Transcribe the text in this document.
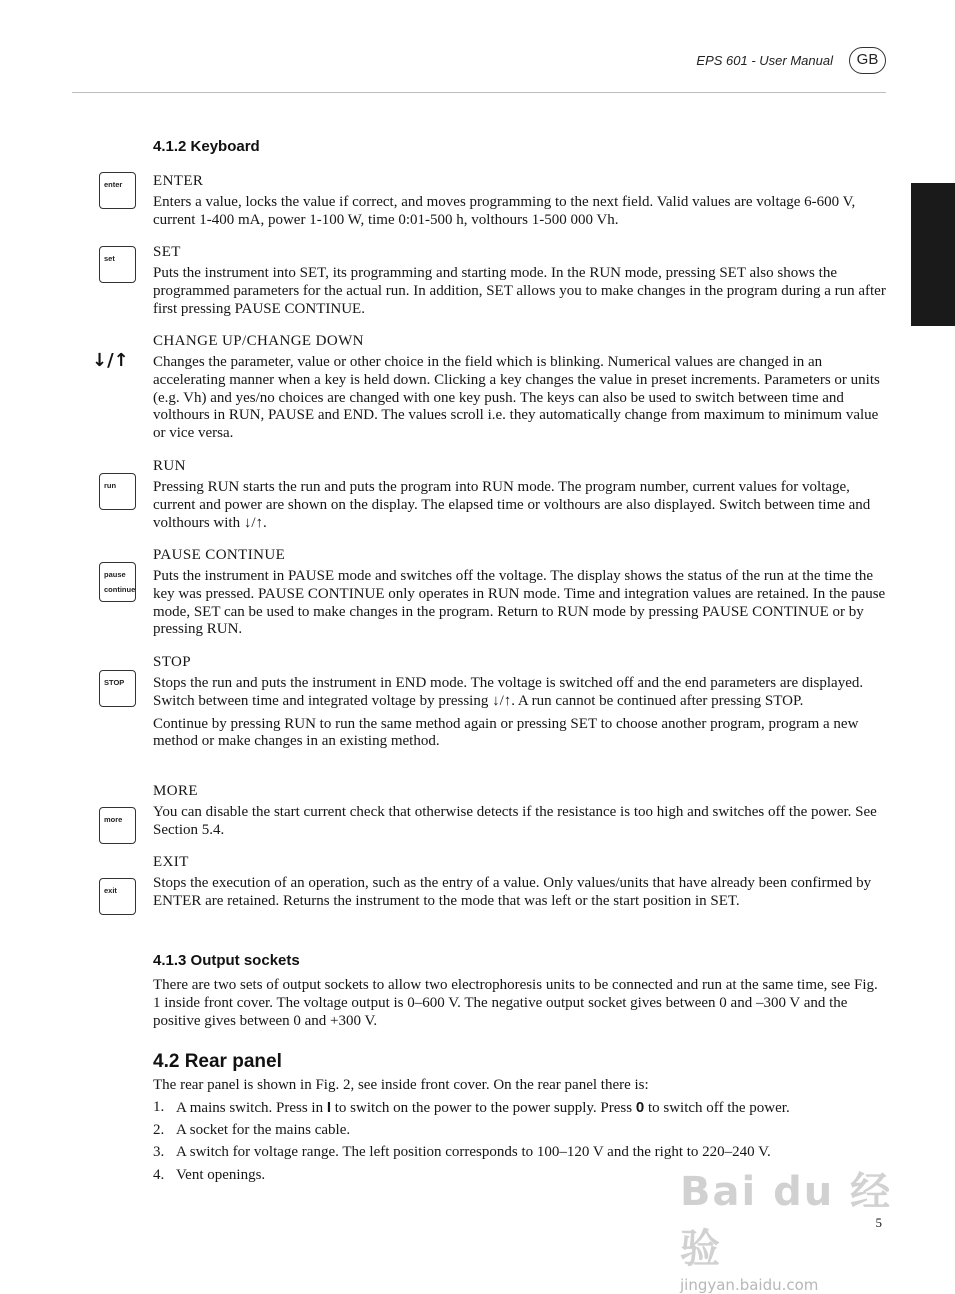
EPS 601 - User Manual	GB
enter
set
↓/↑
run
pause
continue
STOP
more
exit
4.1.2 Keyboard
ENTER

Enters a value, locks the value if correct, and moves programming to the next field. Valid values are voltage 6-600 V, current 1-400 mA, power 1-100 W, time 0:01-500 h, volthours 1-500 000 Vh.

SET

Puts the instrument into SET, its programming and starting mode. In the RUN mode, pressing SET also shows the programmed parameters for the actual run. In addition, SET allows you to make changes in the program during a run after first pressing PAUSE CONTINUE.

CHANGE UP/CHANGE DOWN

Changes the parameter, value or other choice in the field which is blinking. Numerical values are changed in an accelerating manner when a key is held down. Clicking a key changes the value in preset increments. Parameters or units (e.g. Vh) and yes/no choices are changed with one key push. The keys can also be used to switch between time and volthours in RUN, PAUSE and END. The values scroll i.e. they automatically change from maximum to minimum value or vice versa.

RUN

Pressing RUN starts the run and puts the program into RUN mode. The program number, current values for voltage, current and power are shown on the display. The elapsed time or volthours are also displayed. Switch between time and volthours with ↓/↑.

PAUSE CONTINUE

Puts the instrument in PAUSE mode and switches off the voltage. The display shows the status of the run at the time the key was pressed. PAUSE CONTINUE only operates in RUN mode. Time and integration values are retained. In the pause mode, SET can be used to make changes in the program. Return to RUN mode by pressing PAUSE CONTINUE or by pressing RUN.

STOP

Stops the run and puts the instrument in END mode. The voltage is switched off and the end parameters are displayed. Switch between time and integrated voltage by pressing ↓/↑. A run cannot be continued after pressing STOP.

Continue by pressing RUN to run the same method again or pressing SET to choose another program, program a new method or make changes in an existing method.

MORE

You can disable the start current check that otherwise detects if the resistance is too high and switches off the power. See Section 5.4.

EXIT

Stops the execution of an operation, such as the entry of a value. Only values/units that have already been confirmed by ENTER are retained. Returns the instrument to the mode that was left or the start position in SET.

4.1.3 Output sockets
There are two sets of output sockets to allow two electrophoresis units to be connected and run at the same time, see Fig. 1 inside front cover. The voltage output is 0–600 V. The negative output socket gives between 0 and –300 V and the positive gives between 0 and +300 V.
4.2 Rear panel
The rear panel is shown in Fig. 2, see inside front cover. On the rear panel there is:
1. A mains switch. Press in I to switch on the power to the power supply. Press 0 to switch off the power.
2. A socket for the mains cable.
3. A switch for voltage range. The left position corresponds to 100–120 V and the right to 220–240 V.
4. Vent openings.
5
Bai du 经验
jingyan.baidu.com
